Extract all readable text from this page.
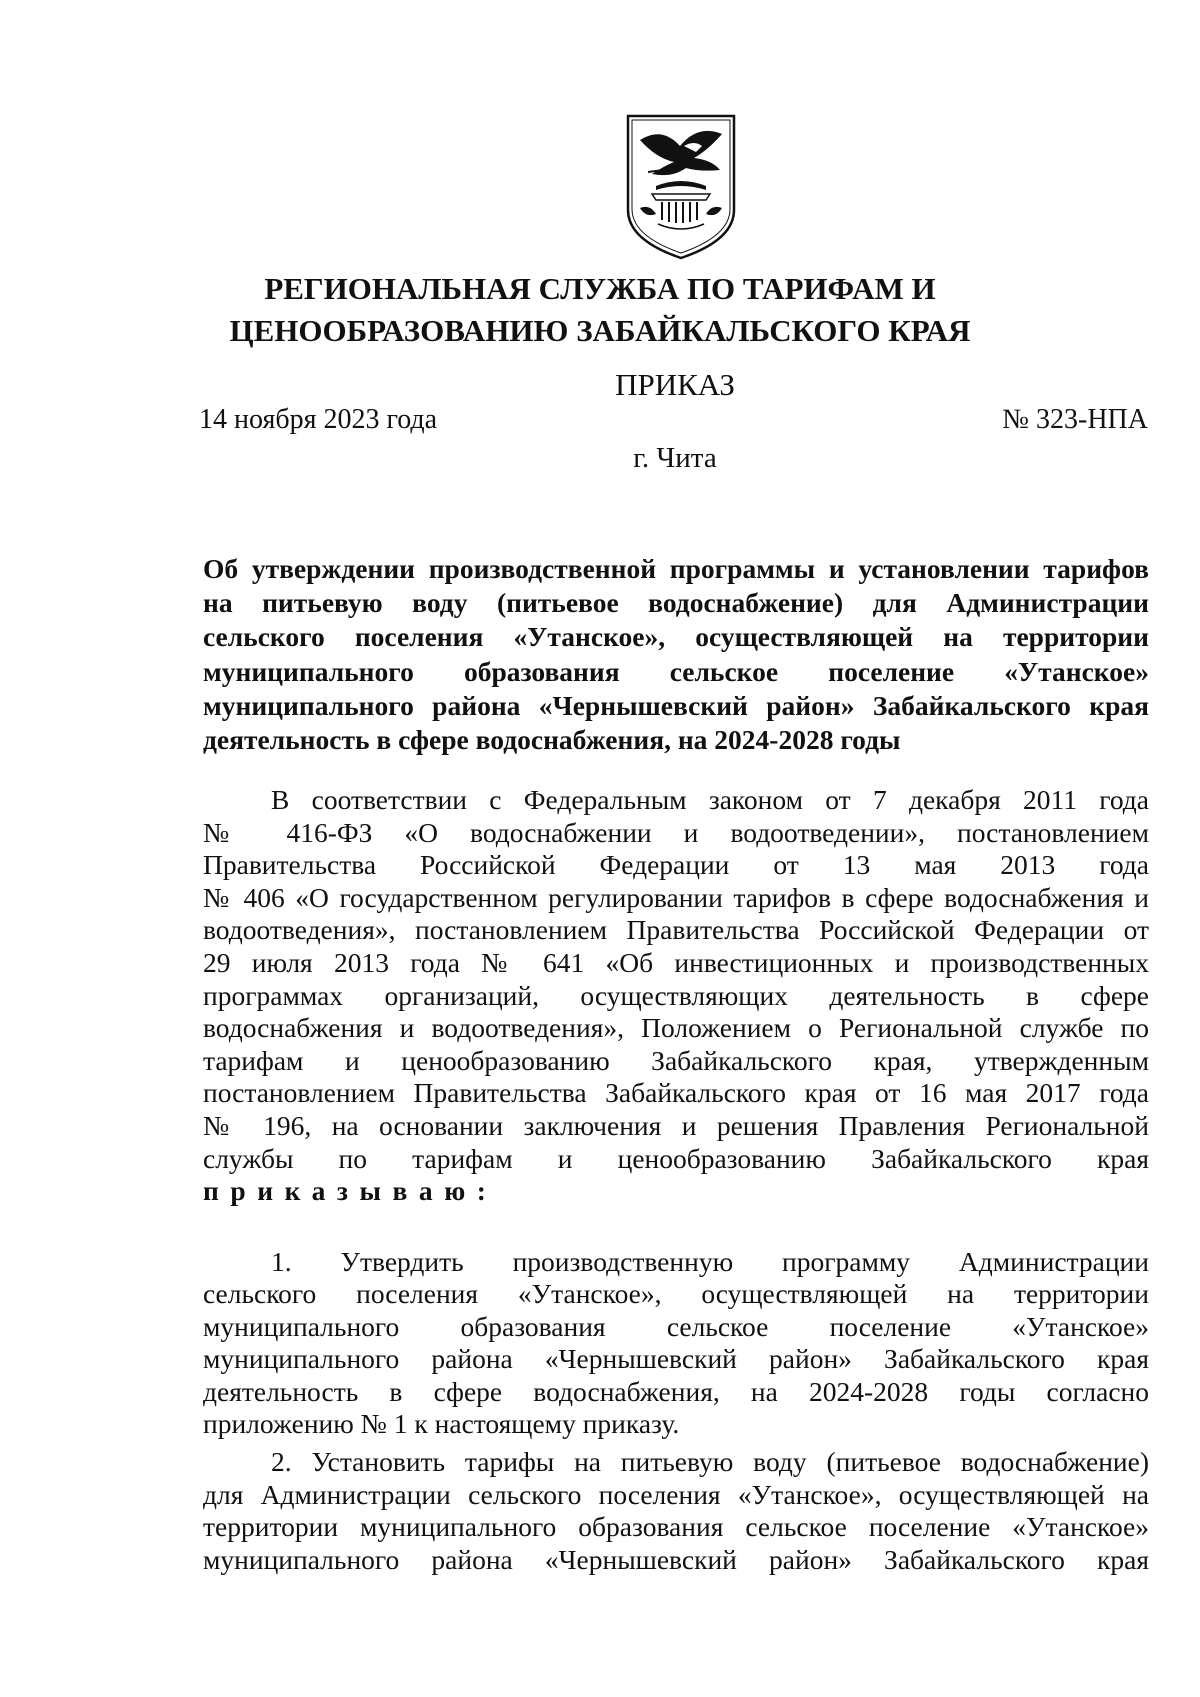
РЕГИОНАЛЬНАЯ СЛУЖБА ПО ТАРИФАМ И
ЦЕНООБРАЗОВАНИЮ ЗАБАЙКАЛЬСКОГО КРАЯ
ПРИКАЗ
14 ноября 2023 года	№ 323-НПА
г. Чита
Об утверждении производственной программы и установлении тарифов
на питьевую воду (питьевое водоснабжение) для Администрации
сельского поселения «Утанское», осуществляющей на территории
муниципального образования сельское поселение «Утанское»
муниципального района «Чернышевский район» Забайкальского края
деятельность в сфере водоснабжения, на 2024-2028 годы
В соответствии с Федеральным законом от 7 декабря 2011 года
№ 416-ФЗ «О водоснабжении и водоотведении», постановлением
Правительства Российской Федерации от 13 мая 2013 года
№ 406 «О государственном регулировании тарифов в сфере водоснабжения и
водоотведения», постановлением Правительства Российской Федерации от
29 июля 2013 года № 641 «Об инвестиционных и производственных
программах организаций, осуществляющих деятельность в сфере
водоснабжения и водоотведения», Положением о Региональной службе по
тарифам и ценообразованию Забайкальского края, утвержденным
постановлением Правительства Забайкальского края от 16 мая 2017 года
№ 196, на основании заключения и решения Правления Региональной
службы по тарифам и ценообразованию Забайкальского края
приказываю:
1. Утвердить производственную программу Администрации
сельского поселения «Утанское», осуществляющей на территории
муниципального образования сельское поселение «Утанское»
муниципального района «Чернышевский район» Забайкальского края
деятельность в сфере водоснабжения, на 2024-2028 годы согласно
приложению № 1 к настоящему приказу.
2. Установить тарифы на питьевую воду (питьевое водоснабжение)
для Администрации сельского поселения «Утанское», осуществляющей на
территории муниципального образования сельское поселение «Утанское»
муниципального района «Чернышевский район» Забайкальского края
